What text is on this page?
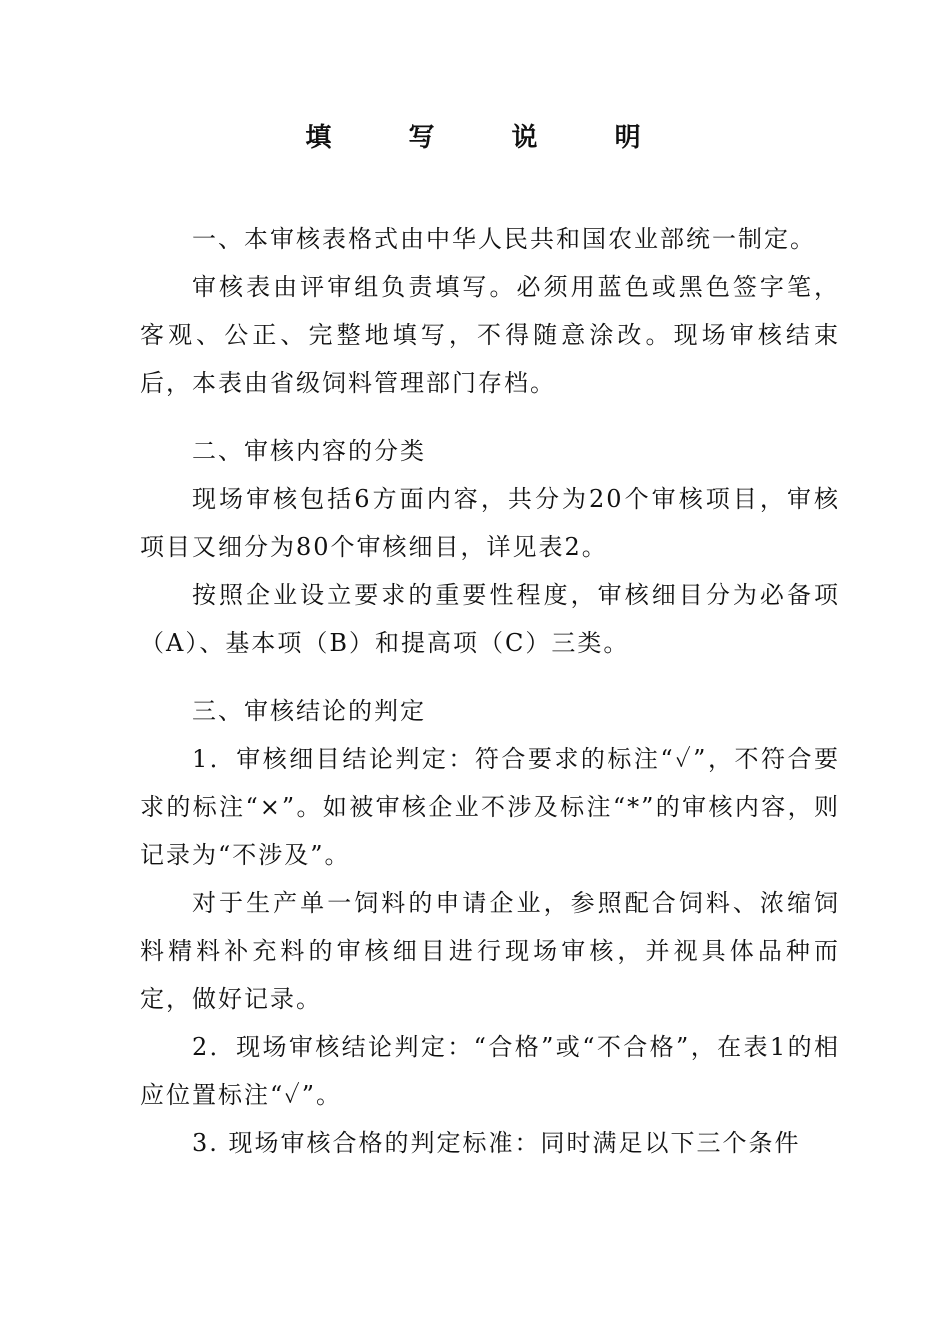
填 写 说 明

一、本审核表格式由中华人民共和国农业部统一制定。

审核表由评审组负责填写。必须用蓝色或黑色签字笔，客观、公正、完整地填写，不得随意涂改。现场审核结束后，本表由省级饲料管理部门存档。

二、审核内容的分类

现场审核包括6方面内容，共分为20个审核项目，审核项目又细分为80个审核细目，详见表2。

按照企业设立要求的重要性程度，审核细目分为必备项（A）、基本项（B）和提高项（C）三类。

三、审核结论的判定

1．审核细目结论判定：符合要求的标注“✓”，不符合要求的标注“×”。如被审核企业不涉及标注“*”的审核内容，则记录为“不涉及”。

对于生产单一饲料的申请企业，参照配合饲料、浓缩饲料精料补充料的审核细目进行现场审核，并视具体品种而定，做好记录。

2．现场审核结论判定：“合格”或“不合格”，在表1的相应位置标注“✓”。

3. 现场审核合格的判定标准：同时满足以下三个条件
